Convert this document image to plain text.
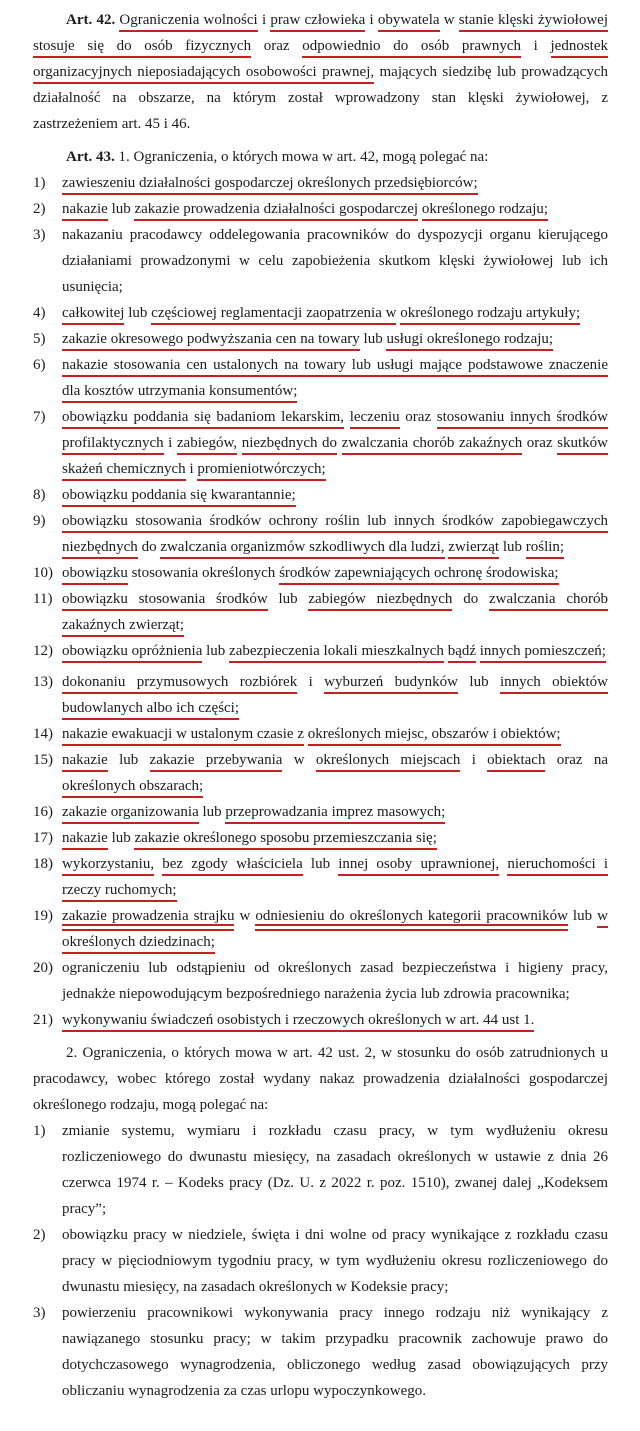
Art. 42. Ograniczenia wolności i praw człowieka i obywatela w stanie klęski żywiołowej stosuje się do osób fizycznych oraz odpowiednio do osób prawnych i jednostek organizacyjnych nieposiadających osobowości prawnej, mających siedzibę lub prowadzących działalność na obszarze, na którym został wprowadzony stan klęski żywiołowej, z zastrzeżeniem art. 45 i 46.
Art. 43. 1. Ograniczenia, o których mowa w art. 42, mogą polegać na:
1) zawieszeniu działalności gospodarczej określonych przedsiębiorców;
2) nakazie lub zakazie prowadzenia działalności gospodarczej określonego rodzaju;
3) nakazaniu pracodawcy oddelegowania pracowników do dyspozycji organu kierującego działaniami prowadzonymi w celu zapobieżenia skutkom klęski żywiołowej lub ich usunięcia;
4) całkowitej lub częściowej reglamentacji zaopatrzenia w określonego rodzaju artykuły;
5) zakazie okresowego podwyższania cen na towary lub usługi określonego rodzaju;
6) nakazie stosowania cen ustalonych na towary lub usługi mające podstawowe znaczenie dla kosztów utrzymania konsumentów;
7) obowiązku poddania się badaniom lekarskim, leczeniu oraz stosowaniu innych środków profilaktycznych i zabiegów, niezbędnych do zwalczania chorób zakaźnych oraz skutków skażeń chemicznych i promieniotwórczych;
8) obowiązku poddania się kwarantannie;
9) obowiązku stosowania środków ochrony roślin lub innych środków zapobiegawczych niezbędnych do zwalczania organizmów szkodliwych dla ludzi, zwierząt lub roślin;
10) obowiązku stosowania określonych środków zapewniających ochronę środowiska;
11) obowiązku stosowania środków lub zabiegów niezbędnych do zwalczania chorób zakaźnych zwierząt;
12) obowiązku opróżnienia lub zabezpieczenia lokali mieszkalnych bądź innych pomieszczeń;
13) dokonaniu przymusowych rozbiórek i wyburzeń budynków lub innych obiektów budowlanych albo ich części;
14) nakazie ewakuacji w ustalonym czasie z określonych miejsc, obszarów i obiektów;
15) nakazie lub zakazie przebywania w określonych miejscach i obiektach oraz na określonych obszarach;
16) zakazie organizowania lub przeprowadzania imprez masowych;
17) nakazie lub zakazie określonego sposobu przemieszczania się;
18) wykorzystaniu, bez zgody właściciela lub innej osoby uprawnionej, nieruchomości i rzeczy ruchomych;
19) zakazie prowadzenia strajku w odniesieniu do określonych kategorii pracowników lub w określonych dziedzinach;
20) ograniczeniu lub odstąpieniu od określonych zasad bezpieczeństwa i higieny pracy, jednakże niepowodującym bezpośredniego narażenia życia lub zdrowia pracownika;
21) wykonywaniu świadczeń osobistych i rzeczowych określonych w art. 44 ust 1.
2. Ograniczenia, o których mowa w art. 42 ust. 2, w stosunku do osób zatrudnionych u pracodawcy, wobec którego został wydany nakaz prowadzenia działalności gospodarczej określonego rodzaju, mogą polegać na:
1) zmianie systemu, wymiaru i rozkładu czasu pracy, w tym wydłużeniu okresu rozliczeniowego do dwunastu miesięcy, na zasadach określonych w ustawie z dnia 26 czerwca 1974 r. – Kodeks pracy (Dz. U. z 2022 r. poz. 1510), zwanej dalej „Kodeksem pracy”;
2) obowiązku pracy w niedziele, święta i dni wolne od pracy wynikające z rozkładu czasu pracy w pięciodniowym tygodniu pracy, w tym wydłużeniu okresu rozliczeniowego do dwunastu miesięcy, na zasadach określonych w Kodeksie pracy;
3) powierzeniu pracownikowi wykonywania pracy innego rodzaju niż wynikający z nawiązanego stosunku pracy; w takim przypadku pracownik zachowuje prawo do dotychczasowego wynagrodzenia, obliczonego według zasad obowiązujących przy obliczaniu wynagrodzenia za czas urlopu wypoczynkowego.
